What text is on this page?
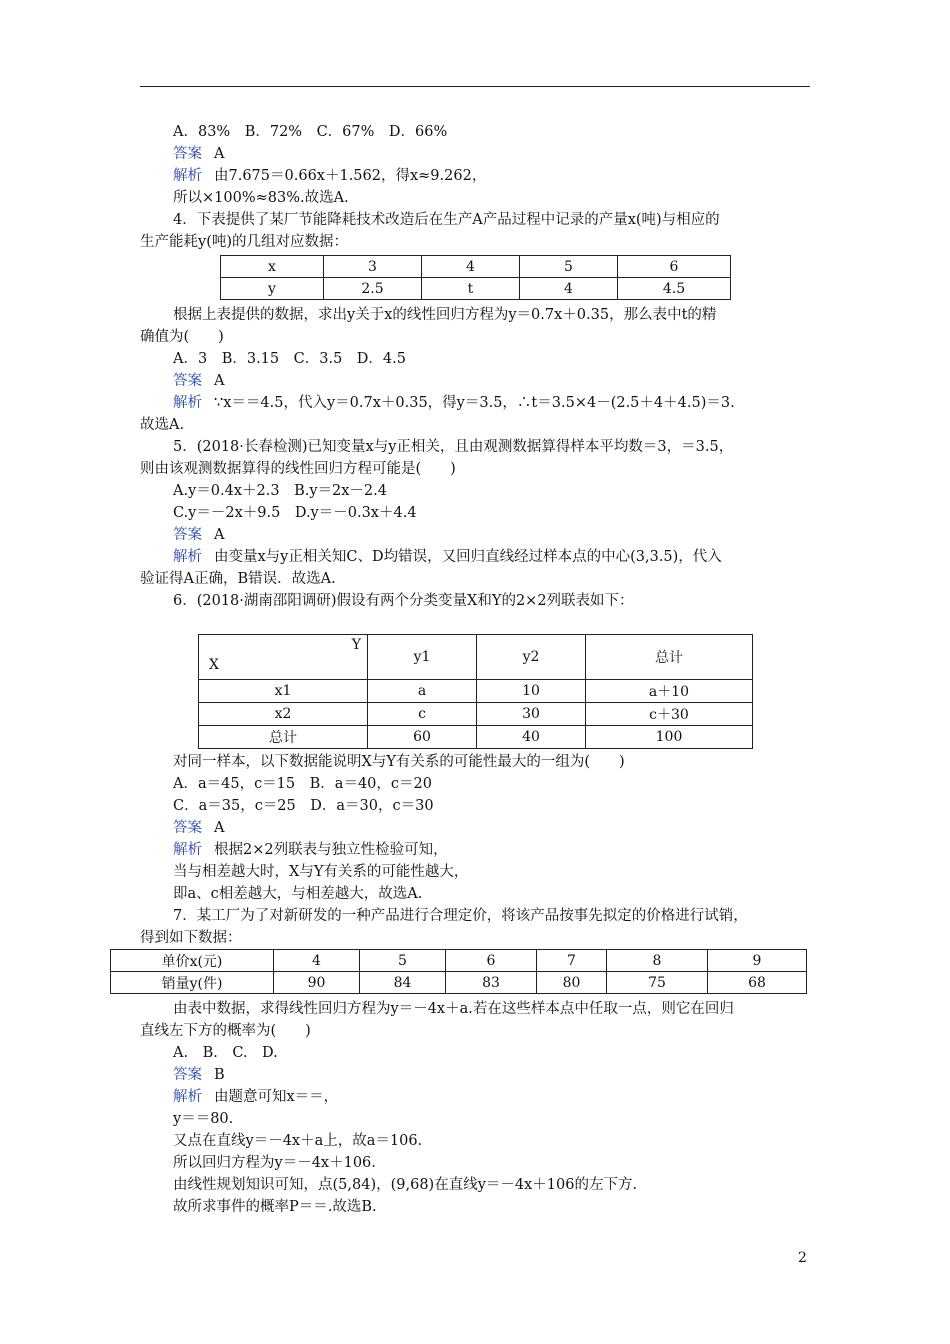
A．83%　B．72%　C．67%　D．66%
答案 A
解析 由7.675＝0.66x＋1.562，得x≈9.262，
所以×100%≈83%.故选A.
4．下表提供了某厂节能降耗技术改造后在生产A产品过程中记录的产量x(吨)与相应的
生产能耗y(吨)的几组对应数据：
x	3	4	5	6
y	2.5	t	4	4.5
根据上表提供的数据，求出y关于x的线性回归方程为y＝0.7x＋0.35，那么表中t的精
确值为(　　)
A．3　B．3.15　C．3.5　D．4.5
答案 A
解析 ∵x＝＝4.5，代入y＝0.7x＋0.35，得y＝3.5，∴t＝3.5×4－(2.5＋4＋4.5)＝3.
故选A.
5．(2018·长春检测)已知变量x与y正相关，且由观测数据算得样本平均数＝3，＝3.5，
则由该观测数据算得的线性回归方程可能是(　　)
A.y＝0.4x＋2.3　B.y＝2x－2.4
C.y＝－2x＋9.5　D.y＝－0.3x＋4.4
答案 A
解析 由变量x与y正相关知C、D均错误，又回归直线经过样本点的中心(3,3.5)，代入
验证得A正确，B错误．故选A.
6．(2018·湖南邵阳调研)假设有两个分类变量X和Y的2×2列联表如下：
Y
X	y1	y2	总计
x1	a	10	a＋10
x2	c	30	c＋30
总计	60	40	100
对同一样本，以下数据能说明X与Y有关系的可能性最大的一组为(　　)
A．a＝45，c＝15　B．a＝40，c＝20
C．a＝35，c＝25　D．a＝30，c＝30
答案 A
解析 根据2×2列联表与独立性检验可知，
当与相差越大时，X与Y有关系的可能性越大，
即a、c相差越大，与相差越大，故选A.
7．某工厂为了对新研发的一种产品进行合理定价，将该产品按事先拟定的价格进行试销，
得到如下数据：
单价x(元)	4	5	6	7	8	9
销量y(件)	90	84	83	80	75	68
由表中数据，求得线性回归方程为y＝－4x＋a.若在这些样本点中任取一点，则它在回归
直线左下方的概率为(　　)
A.　B.　C.　D.
答案 B
解析 由题意可知x＝＝，
y＝＝80.
又点在直线y＝－4x＋a上，故a＝106.
所以回归方程为y＝－4x＋106.
由线性规划知识可知，点(5,84)，(9,68)在直线y＝－4x＋106的左下方.
故所求事件的概率P＝＝.故选B.
2
